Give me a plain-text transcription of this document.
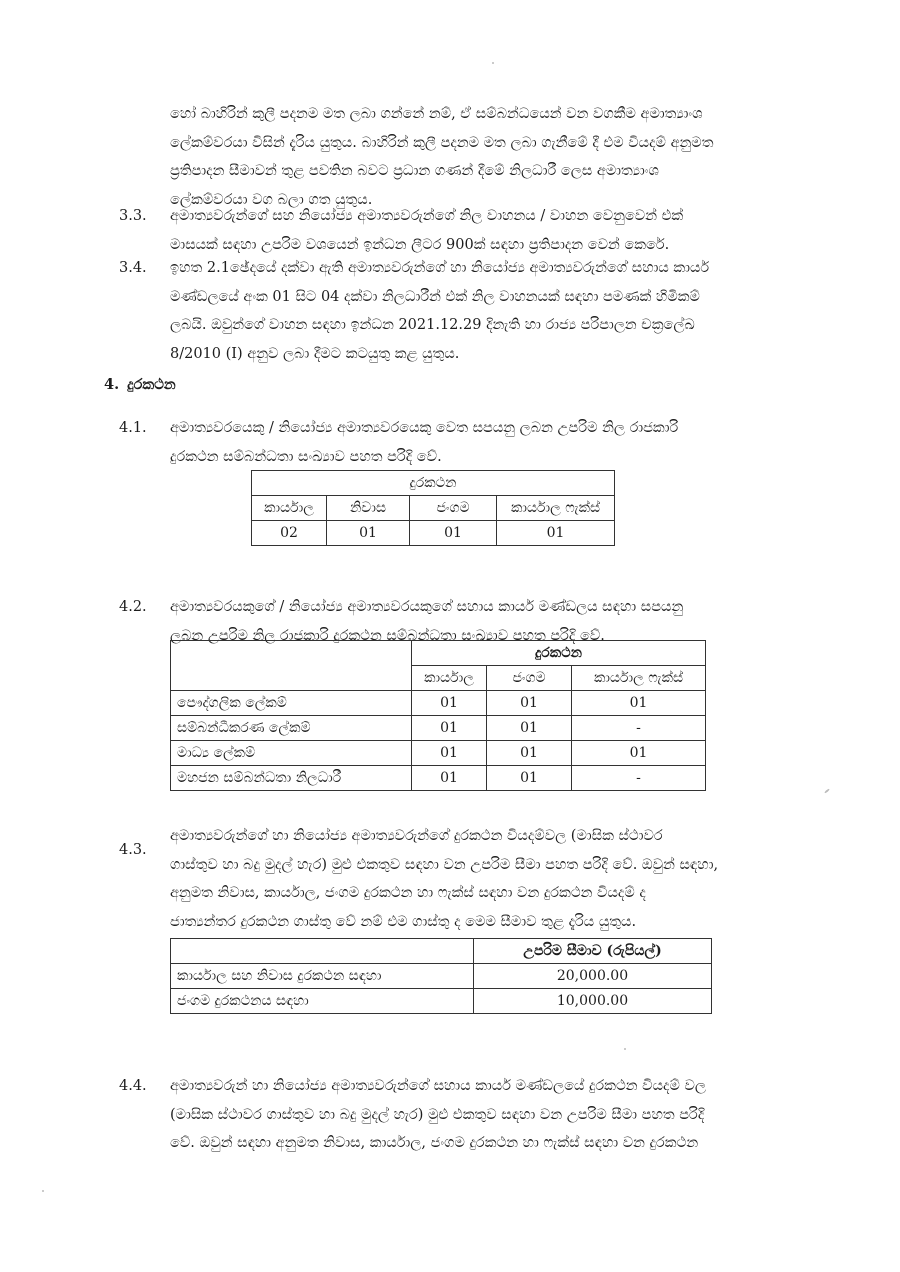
හෝ බාහිරින් කුලී පදනම මත ලබා ගන්නේ නම්, ඒ සම්බන්ධයෙන් වන වගකීම අමාත්‍යාංශ
ලේකම්වරයා විසින් දැරිය යුතුය. බාහිරින් කුලී පදනම මත ලබා ගැනීමේ දී එම වියදම් අනුමත
ප්‍රතිපාදන සීමාවන් තුළ පවතින බවට ප්‍රධාන ගණන් දීමේ නිලධාරී ලෙස අමාත්‍යාංශ
ලේකම්වරයා වග බලා ගත යුතුය.
3.3. අමාත්‍යවරුන්ගේ සහ නියෝජ්‍ය අමාත්‍යවරුන්ගේ නිල වාහනය / වාහන වෙනුවෙන් එක්
මාසයක් සඳහා උපරිම වශයෙන් ඉන්ධන ලීටර 900ක් සඳහා ප්‍රතිපාදන වෙන් කෙරේ.
3.4. ඉහත 2.1ඡේදයේ දක්වා ඇති අමාත්‍යවරුන්ගේ හා නියෝජ්‍ය අමාත්‍යවරුන්ගේ සහාය කාර්ය
මණ්ඩලයේ අංක 01 සිට 04 දක්වා නිලධාරීන් එක් නිල වාහනයක් සඳහා පමණක් හිමිකම්
ලබයි. ඔවුන්ගේ වාහන සඳහා ඉන්ධන 2021.12.29 දිනැති හා රාජ්‍ය පරිපාලන චක්‍රලේඛ
8/2010 (I) අනුව ලබා දීමට කටයුතු කළ යුතුය.
4. දුරකථන
4.1. අමාත්‍යවරයෙකු / නියෝජ්‍ය අමාත්‍යවරයෙකු වෙත සපයනු ලබන උපරිම නිල රාජකාරි
දුරකථන සම්බන්ධතා සංඛ්‍යාව පහත පරිදි වේ.
දුරකථන			
කාර්යාල	නිවාස	ජංගම	කාර්යාල ෆැක්ස්
02	01	01	01
4.2. අමාත්‍යවරයකුගේ / නියෝජ්‍ය අමාත්‍යවරයකුගේ සහාය කාර්ය මණ්ඩලය සඳහා සපයනු
ලබන උපරිම නිල රාජකාරි දුරකථන සම්බන්ධතා සංඛ්‍යාව පහත පරිදි වේ.
	දුරකථන		
	කාර්යාල	ජංගම	කාර්යාල ෆැක්ස්
පෞද්ගලික ලේකම්	01	01	01
සම්බන්ධීකරණ ලේකම්	01	01	-
මාධ්‍ය ලේකම්	01	01	01
මහජන සම්බන්ධතා නිලධාරී	01	01	-
4.3.
අමාත්‍යවරුන්ගේ හා නියෝජ්‍ය අමාත්‍යවරුන්ගේ දුරකථන වියදම්වල (මාසික ස්ථාවර
ගාස්තුව හා බදු මුදල් හැර) මුළු එකතුව සඳහා වන උපරිම සීමා පහත පරිදි වේ. ඔවුන් සඳහා,
අනුමත නිවාස, කාර්යාල, ජංගම දුරකථන හා ෆැක්ස් සඳහා වන දුරකථන වියදම් ද
ජාත්‍යන්තර දුරකථන ගාස්තු වේ නම් එම ගාස්තු ද මෙම සීමාව තුළ දැරිය යුතුය.
	උපරිම සීමාව (රුපියල්)
කාර්යාල සහ නිවාස දුරකථන සඳහා	20,000.00
ජංගම දුරකථනය සඳහා	10,000.00
4.4. අමාත්‍යවරුන් හා නියෝජ්‍ය අමාත්‍යවරුන්ගේ සහාය කාර්ය මණ්ඩලයේ දුරකථන වියදම් වල
(මාසික ස්ථාවර ගාස්තුව හා බදු මුදල් හැර) මුළු එකතුව සඳහා වන උපරිම සීමා පහත පරිදි
වේ. ඔවුන් සඳහා අනුමත නිවාස, කාර්යාල, ජංගම දුරකථන හා ෆැක්ස් සඳහා වන දුරකථන
